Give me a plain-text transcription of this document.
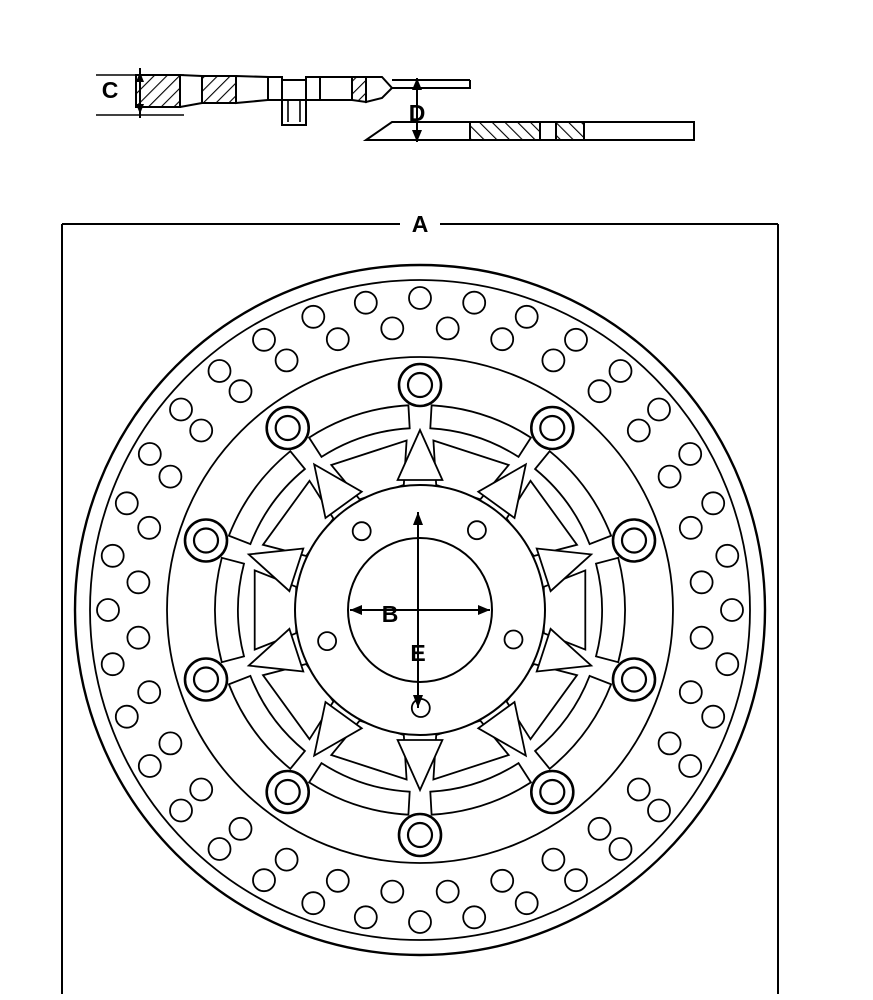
A
B
C
D
E
